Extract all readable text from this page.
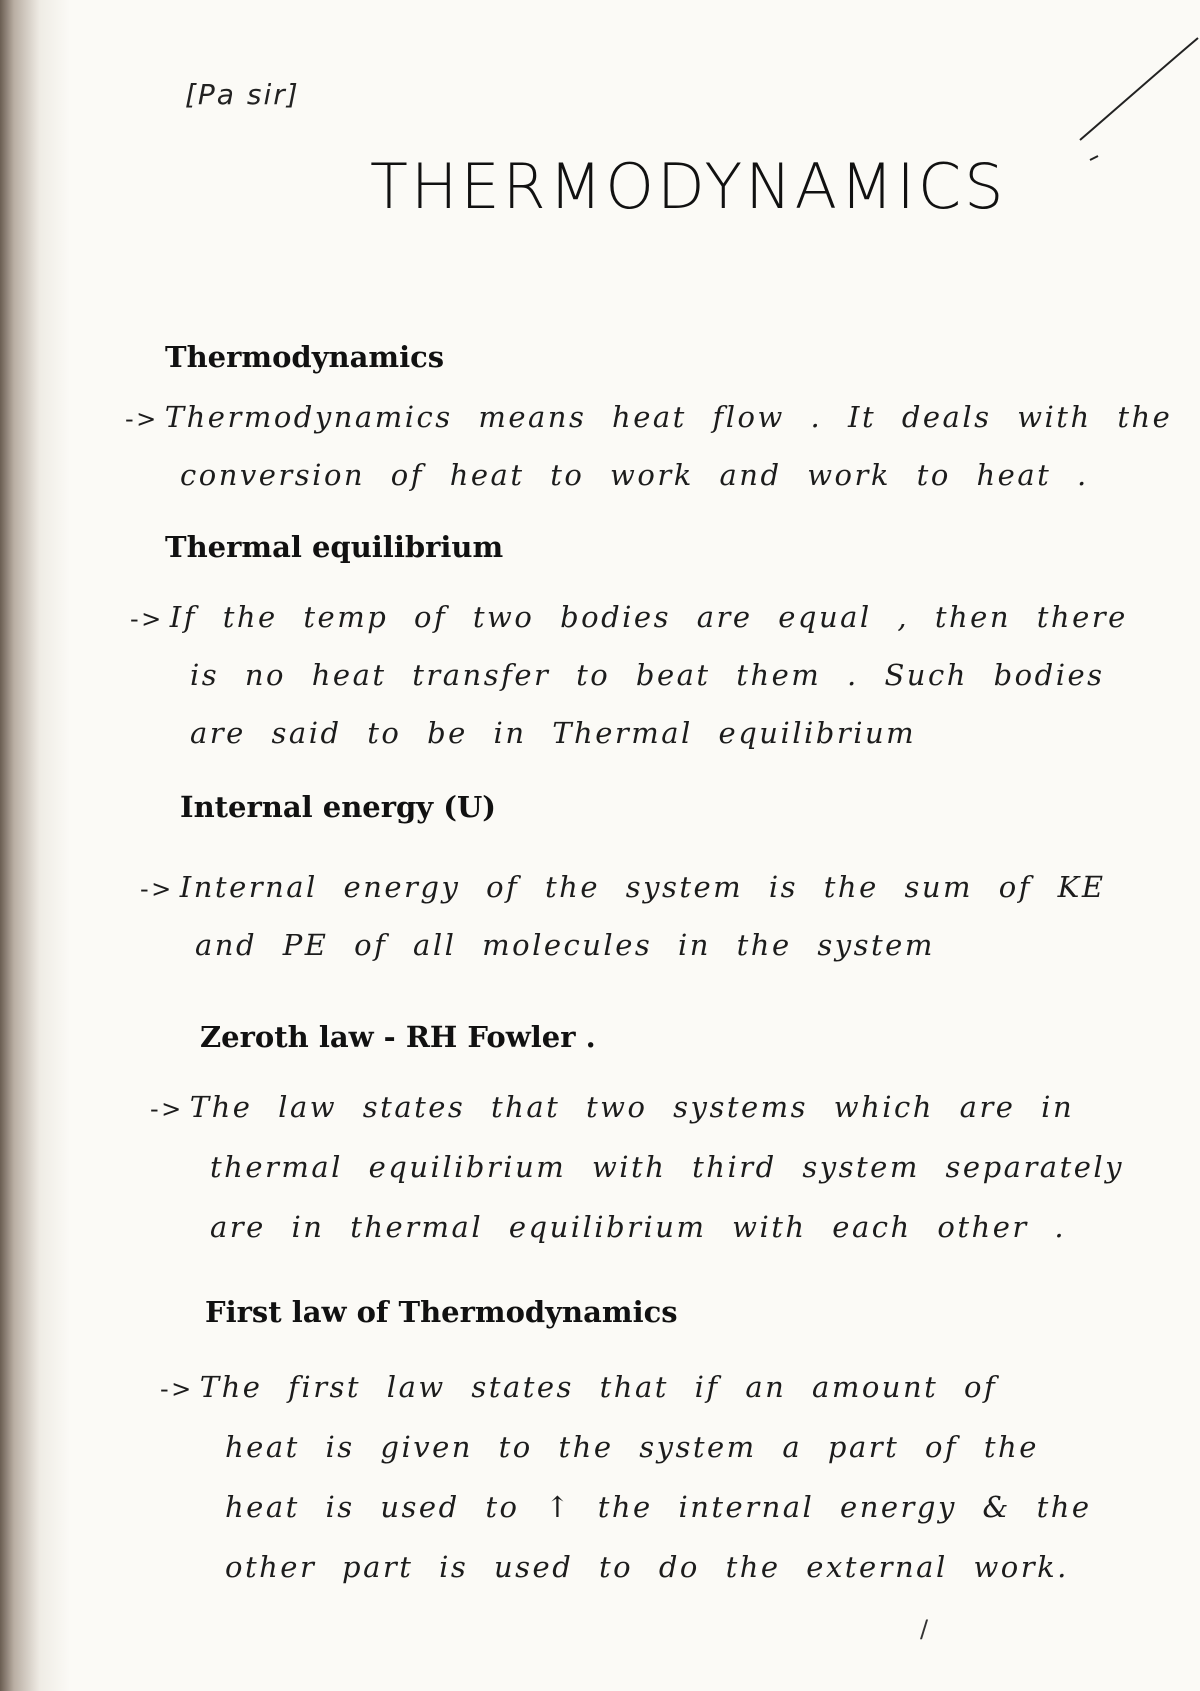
[Pa sir]
THERMODYNAMICS
Thermodynamics
-> Thermodynamics means heat flow . It deals with the
conversion of heat to work and work to heat .
Thermal equilibrium
-> If the temp of two bodies are equal , then there
is no heat transfer to beat them . Such bodies
are said to be in Thermal equilibrium
Internal energy (U)
-> Internal energy of the system is the sum of KE
and PE of all molecules in the system
Zeroth law - RH Fowler .
-> The law states that two systems which are in
thermal equilibrium with third system separately
are in thermal equilibrium with each other .
First law of Thermodynamics
-> The first law states that if an amount of
heat is given to the system a part of the
heat is used to ↑ the internal energy & the
other part is used to do the external work.
/
